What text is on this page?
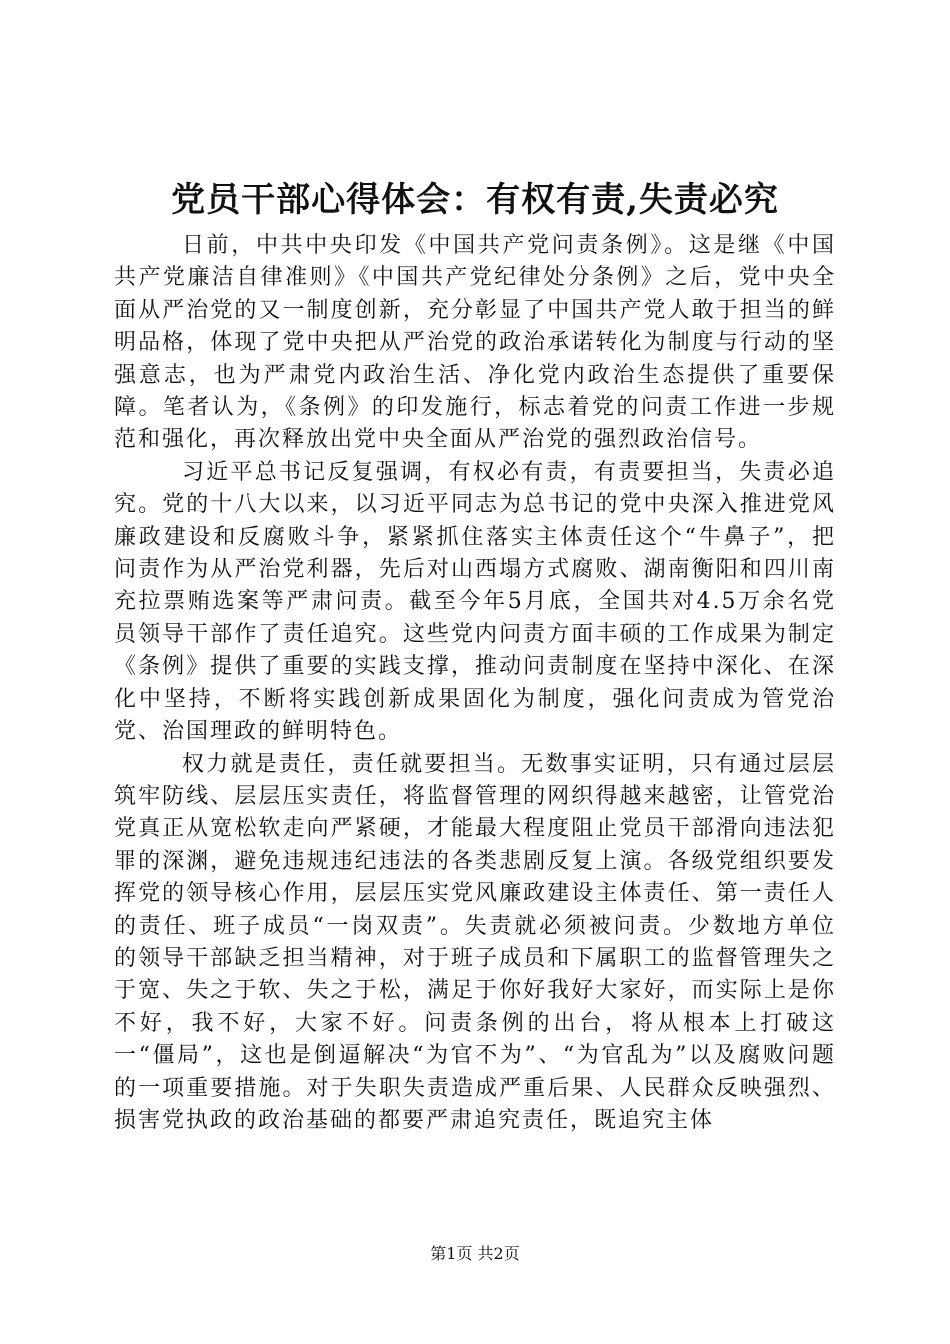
党员干部心得体会：有权有责,失责必究

日前，中共中央印发《中国共产党问责条例》。这是继《中国共产党廉洁自律准则》《中国共产党纪律处分条例》之后，党中央全面从严治党的又一制度创新，充分彰显了中国共产党人敢于担当的鲜明品格，体现了党中央把从严治党的政治承诺转化为制度与行动的坚强意志，也为严肃党内政治生活、净化党内政治生态提供了重要保障。笔者认为，《条例》的印发施行，标志着党的问责工作进一步规范和强化，再次释放出党中央全面从严治党的强烈政治信号。

习近平总书记反复强调，有权必有责，有责要担当，失责必追究。党的十八大以来，以习近平同志为总书记的党中央深入推进党风廉政建设和反腐败斗争，紧紧抓住落实主体责任这个“牛鼻子”，把问责作为从严治党利器，先后对山西塌方式腐败、湖南衡阳和四川南充拉票贿选案等严肃问责。截至今年5月底，全国共对4.5万余名党员领导干部作了责任追究。这些党内问责方面丰硕的工作成果为制定《条例》提供了重要的实践支撑，推动问责制度在坚持中深化、在深化中坚持，不断将实践创新成果固化为制度，强化问责成为管党治党、治国理政的鲜明特色。

权力就是责任，责任就要担当。无数事实证明，只有通过层层筑牢防线、层层压实责任，将监督管理的网织得越来越密，让管党治党真正从宽松软走向严紧硬，才能最大程度阻止党员干部滑向违法犯罪的深渊，避免违规违纪违法的各类悲剧反复上演。各级党组织要发挥党的领导核心作用，层层压实党风廉政建设主体责任、第一责任人的责任、班子成员“一岗双责”。失责就必须被问责。少数地方单位的领导干部缺乏担当精神，对于班子成员和下属职工的监督管理失之于宽、失之于软、失之于松，满足于你好我好大家好，而实际上是你不好，我不好，大家不好。问责条例的出台，将从根本上打破这一“僵局”，这也是倒逼解决“为官不为”、“为官乱为”以及腐败问题的一项重要措施。对于失职失责造成严重后果、人民群众反映强烈、损害党执政的政治基础的都要严肃追究责任，既追究主体

第1页 共2页
